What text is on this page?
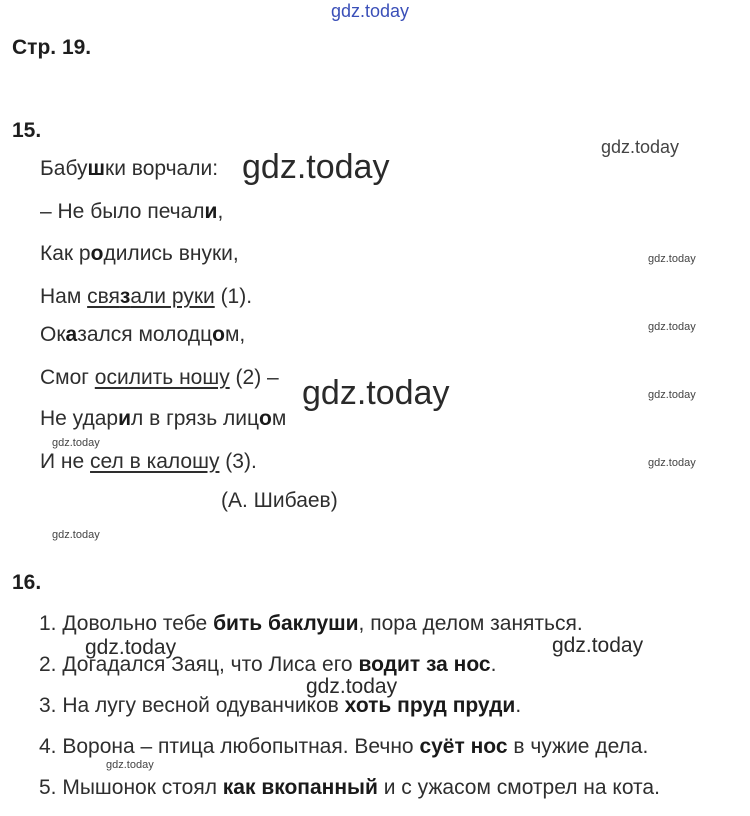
gdz.today
Стр. 19.
15.
Бабушки ворчали:
– Не было печали,
Как родились внуки,
Нам связали руки (1).
Оказался молодцом,
Смог осилить ношу (2) –
Не ударил в грязь лицом
И не сел в калошу (3).
(А. Шибаев)
16.
1. Довольно тебе бить баклуши, пора делом заняться.
2. Догадался Заяц, что Лиса его водит за нос.
3. На лугу весной одуванчиков хоть пруд пруди.
4. Ворона – птица любопытная. Вечно суёт нос в чужие дела.
5. Мышонок стоял как вкопанный и с ужасом смотрел на кота.
gdz.today
gdz.today
gdz.today
gdz.today
gdz.today	gdz.today
gdz.today
gdz.today
gdz.today
gdz.today	gdz.today
gdz.today
gdz.today
